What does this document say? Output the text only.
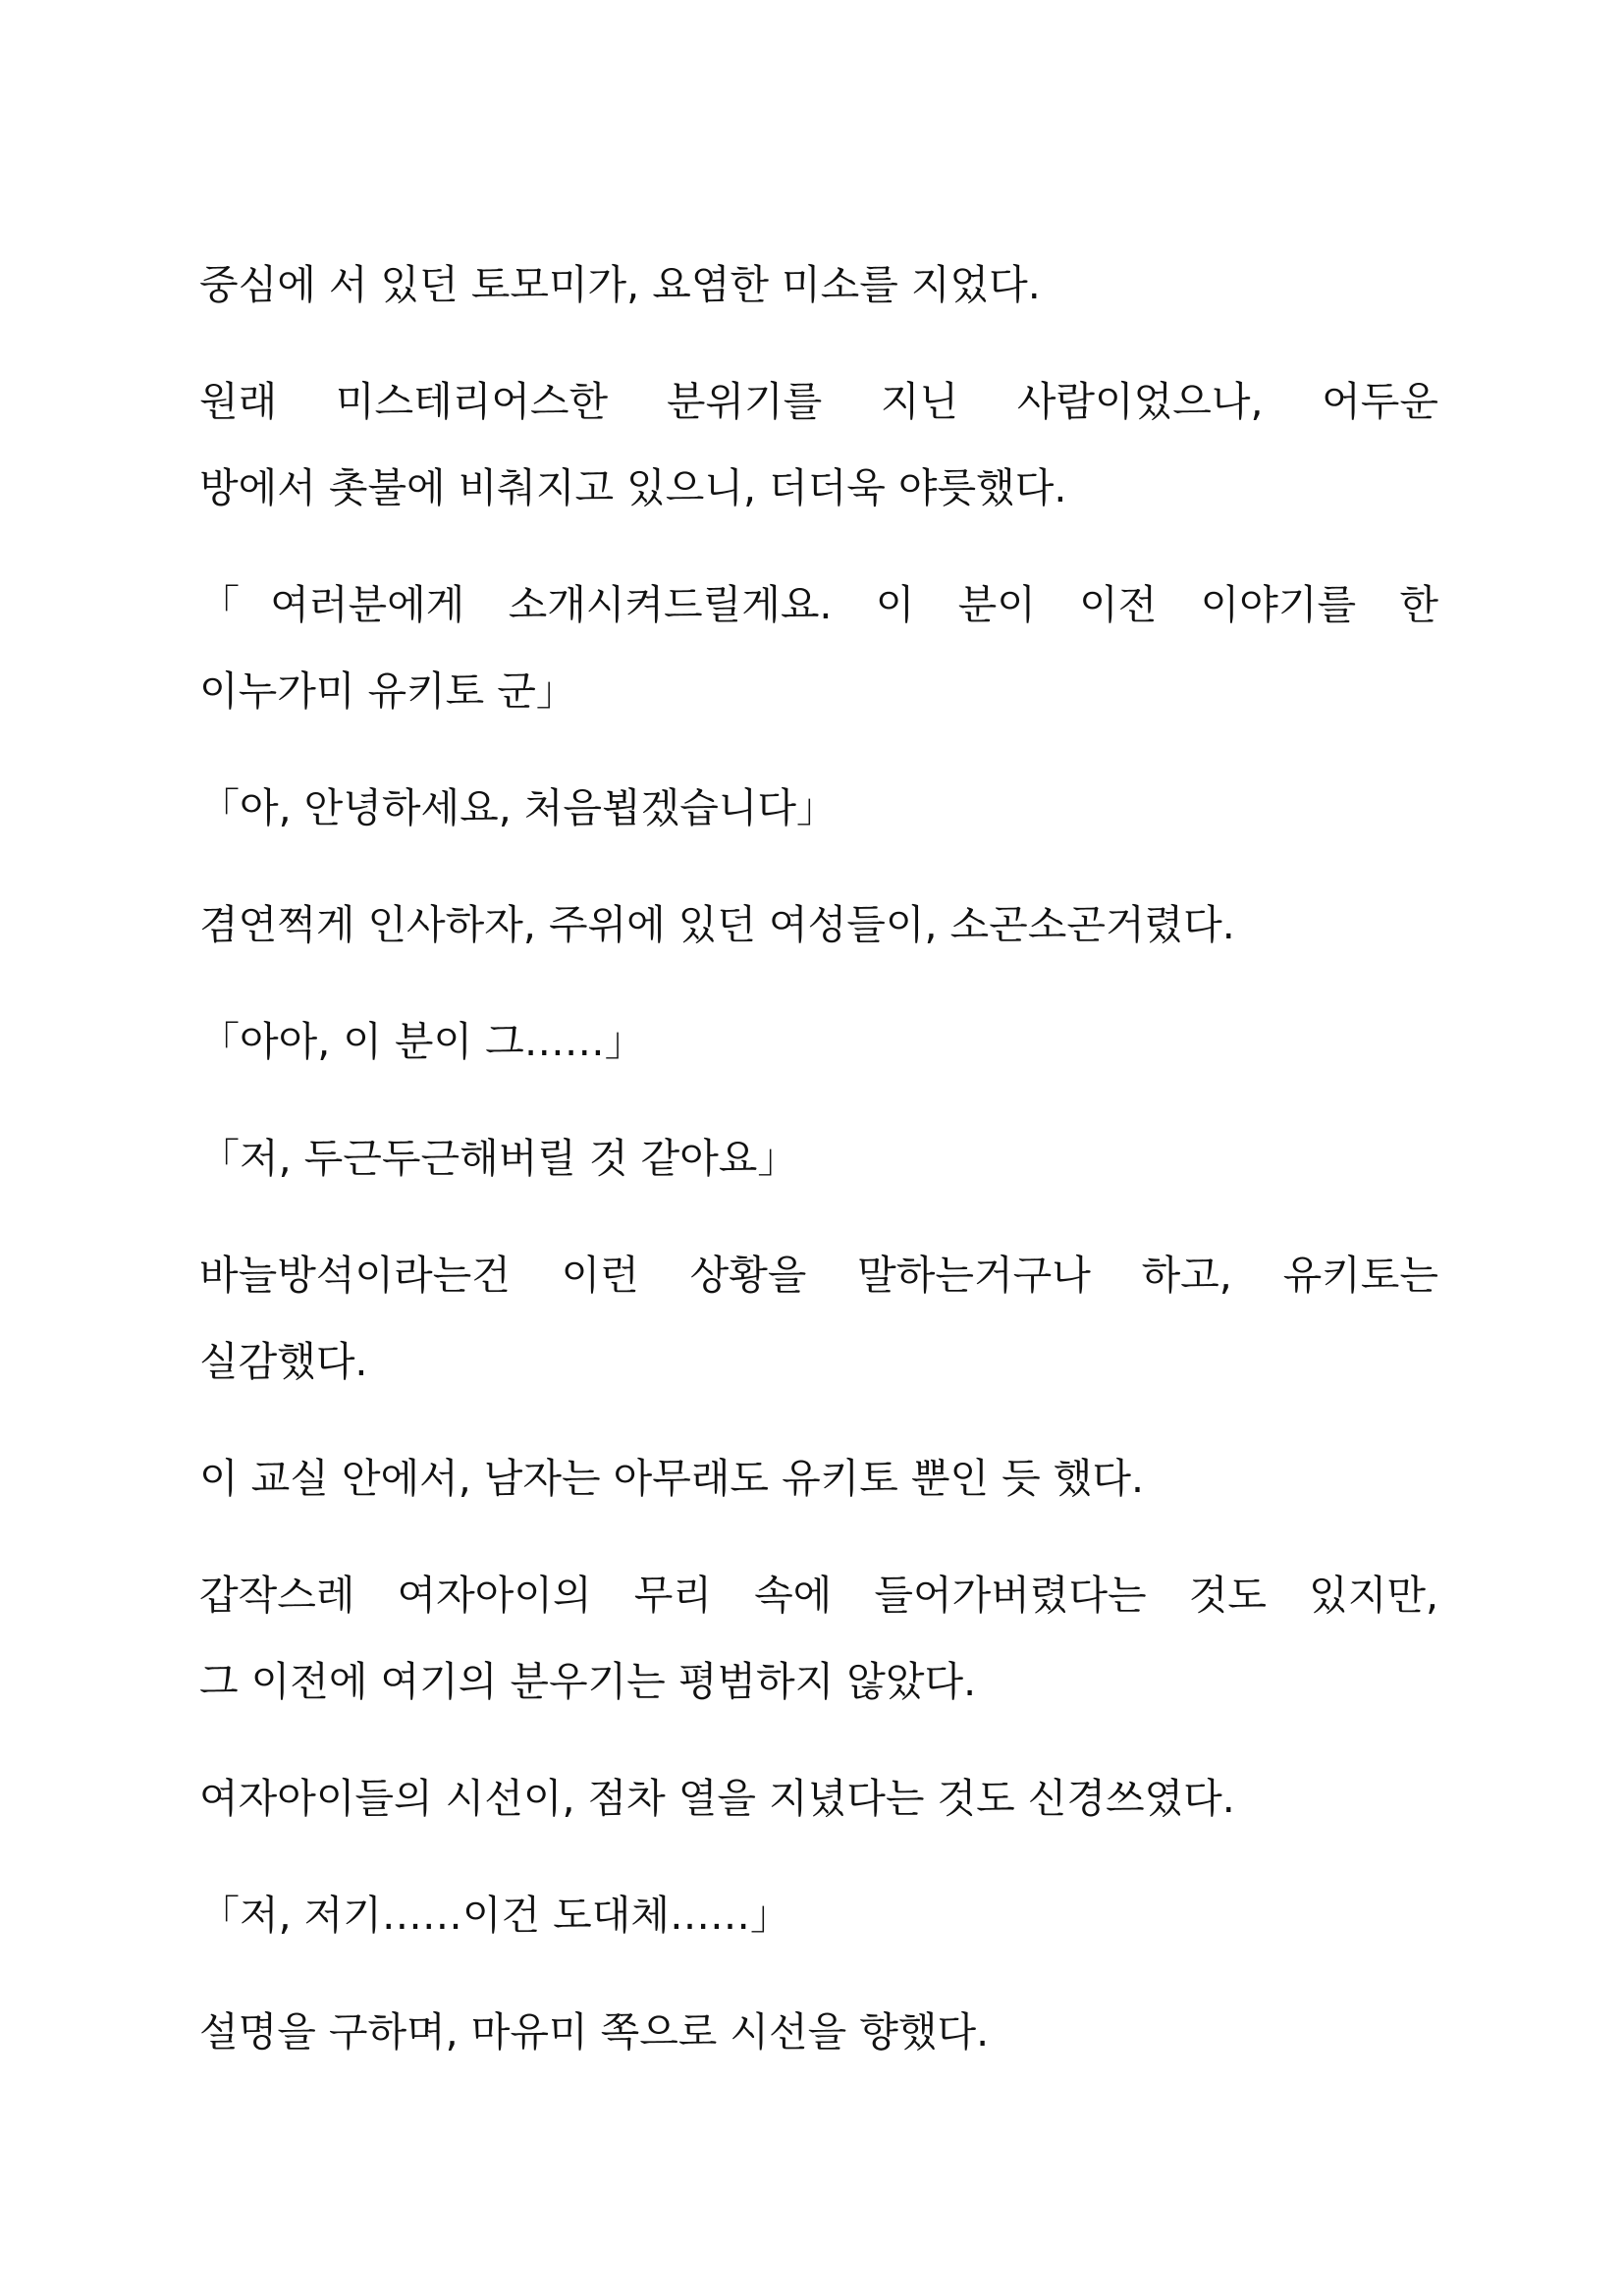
중심에 서 있던 토모미가, 요염한 미소를 지었다.

원래 미스테리어스한 분위기를 지닌 사람이었으나, 어두운
방에서 촛불에 비춰지고 있으니, 더더욱 야릇했다.

「여러분에게 소개시켜드릴게요. 이 분이 이전 이야기를 한
이누가미 유키토 군」

「아, 안녕하세요, 처음뵙겠습니다」

겸연쩍게 인사하자, 주위에 있던 여성들이, 소곤소곤거렸다.

「아아, 이 분이 그……」

「저, 두근두근해버릴 것 같아요」

바늘방석이라는건 이런 상황을 말하는거구나 하고, 유키토는
실감했다.

이 교실 안에서, 남자는 아무래도 유키토 뿐인 듯 했다.

갑작스레 여자아이의 무리 속에 들어가버렸다는 것도 있지만,
그 이전에 여기의 분우기는 평범하지 않았다.

여자아이들의 시선이, 점차 열을 지녔다는 것도 신경쓰였다.

「저, 저기……이건 도대체……」

설명을 구하며, 마유미 쪽으로 시선을 향했다.
